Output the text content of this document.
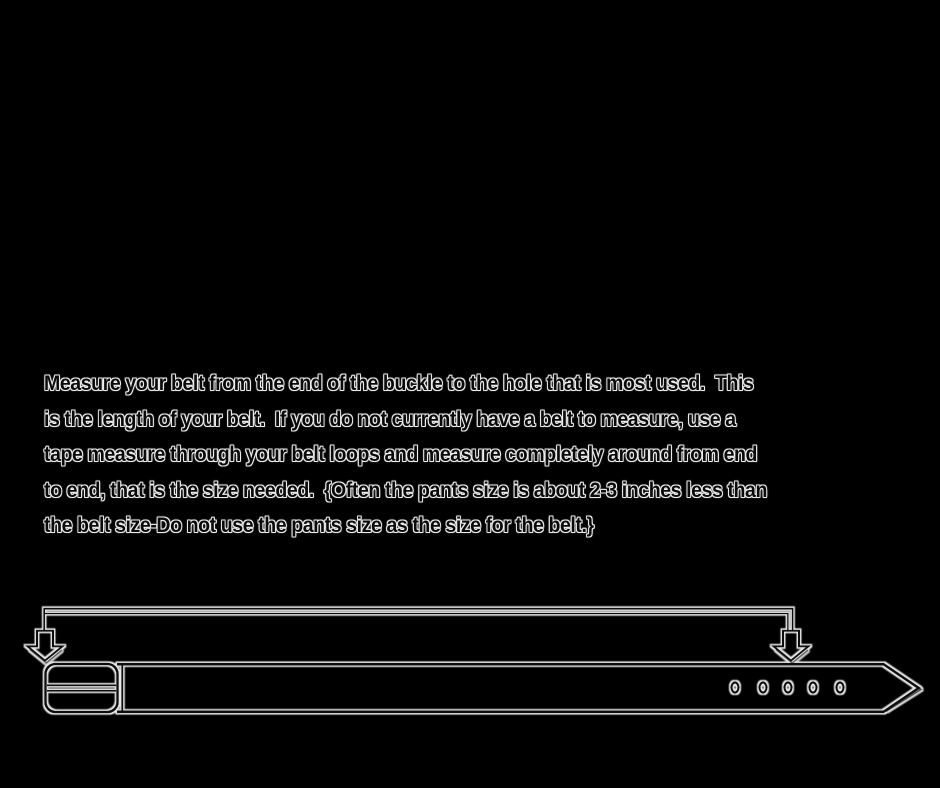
Measure your belt from the end of the buckle to the hole that is most used.  This
is the length of your belt.  If you do not currently have a belt to measure, use a
tape measure through your belt loops and measure completely around from end
to end, that is the size needed.  {Often the pants size is about 2-3 inches less than
the belt size-Do not use the pants size as the size for the belt.}
